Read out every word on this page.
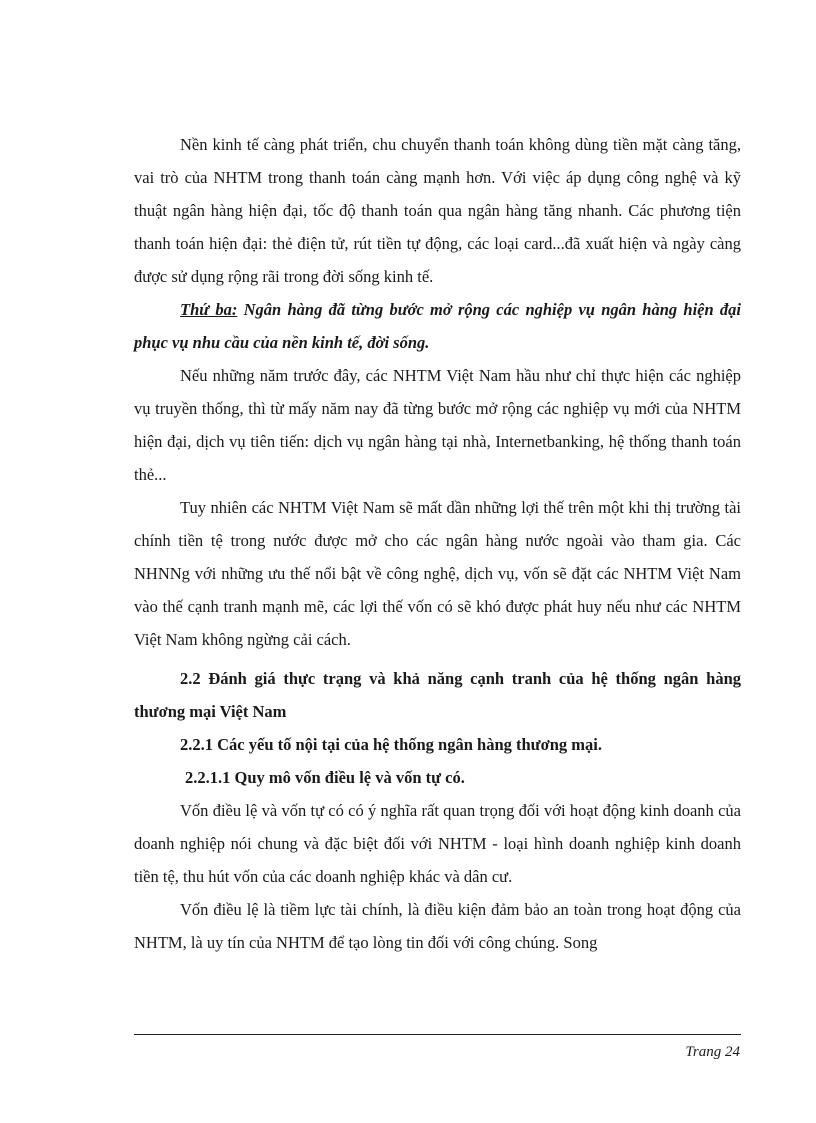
Nền kinh tế càng phát triển, chu chuyển thanh toán không dùng tiền mặt càng tăng, vai trò của NHTM trong thanh toán càng mạnh hơn. Với việc áp dụng công nghệ và kỹ thuật ngân hàng hiện đại, tốc độ thanh toán qua ngân hàng tăng nhanh. Các phương tiện thanh toán hiện đại: thẻ điện tử, rút tiền tự động, các loại card...đã xuất hiện và ngày càng được sử dụng rộng rãi trong đời sống kinh tế.

Thứ ba: Ngân hàng đã từng bước mở rộng các nghiệp vụ ngân hàng hiện đại phục vụ nhu cầu của nền kinh tế, đời sống.

Nếu những năm trước đây, các NHTM Việt Nam hầu như chỉ thực hiện các nghiệp vụ truyền thống, thì từ mấy năm nay đã từng bước mở rộng các nghiệp vụ mới của NHTM hiện đại, dịch vụ tiên tiến: dịch vụ ngân hàng tại nhà, Internetbanking, hệ thống thanh toán thẻ...

Tuy nhiên các NHTM Việt Nam sẽ mất dần những lợi thế trên một khi thị trường tài chính tiền tệ trong nước được mở cho các ngân hàng nước ngoài vào tham gia. Các NHNNg với những ưu thế nổi bật về công nghệ, dịch vụ, vốn sẽ đặt các NHTM Việt Nam vào thế cạnh tranh mạnh mẽ, các lợi thế vốn có sẽ khó được phát huy nếu như các NHTM Việt Nam không ngừng cải cách.

2.2 Đánh giá thực trạng và khả năng cạnh tranh của hệ thống ngân hàng thương mại Việt Nam
2.2.1 Các yếu tố nội tại của hệ thống ngân hàng thương mại.
2.2.1.1 Quy mô vốn điều lệ và vốn tự có.

Vốn điều lệ và vốn tự có có ý nghĩa rất quan trọng đối với hoạt động kinh doanh của doanh nghiệp nói chung và đặc biệt đối với NHTM - loại hình doanh nghiệp kinh doanh tiền tệ, thu hút vốn của các doanh nghiệp khác và dân cư.

Vốn điều lệ là tiềm lực tài chính, là điều kiện đảm bảo an toàn trong hoạt động của NHTM, là uy tín của NHTM để tạo lòng tin đối với công chúng. Song

Trang 24
